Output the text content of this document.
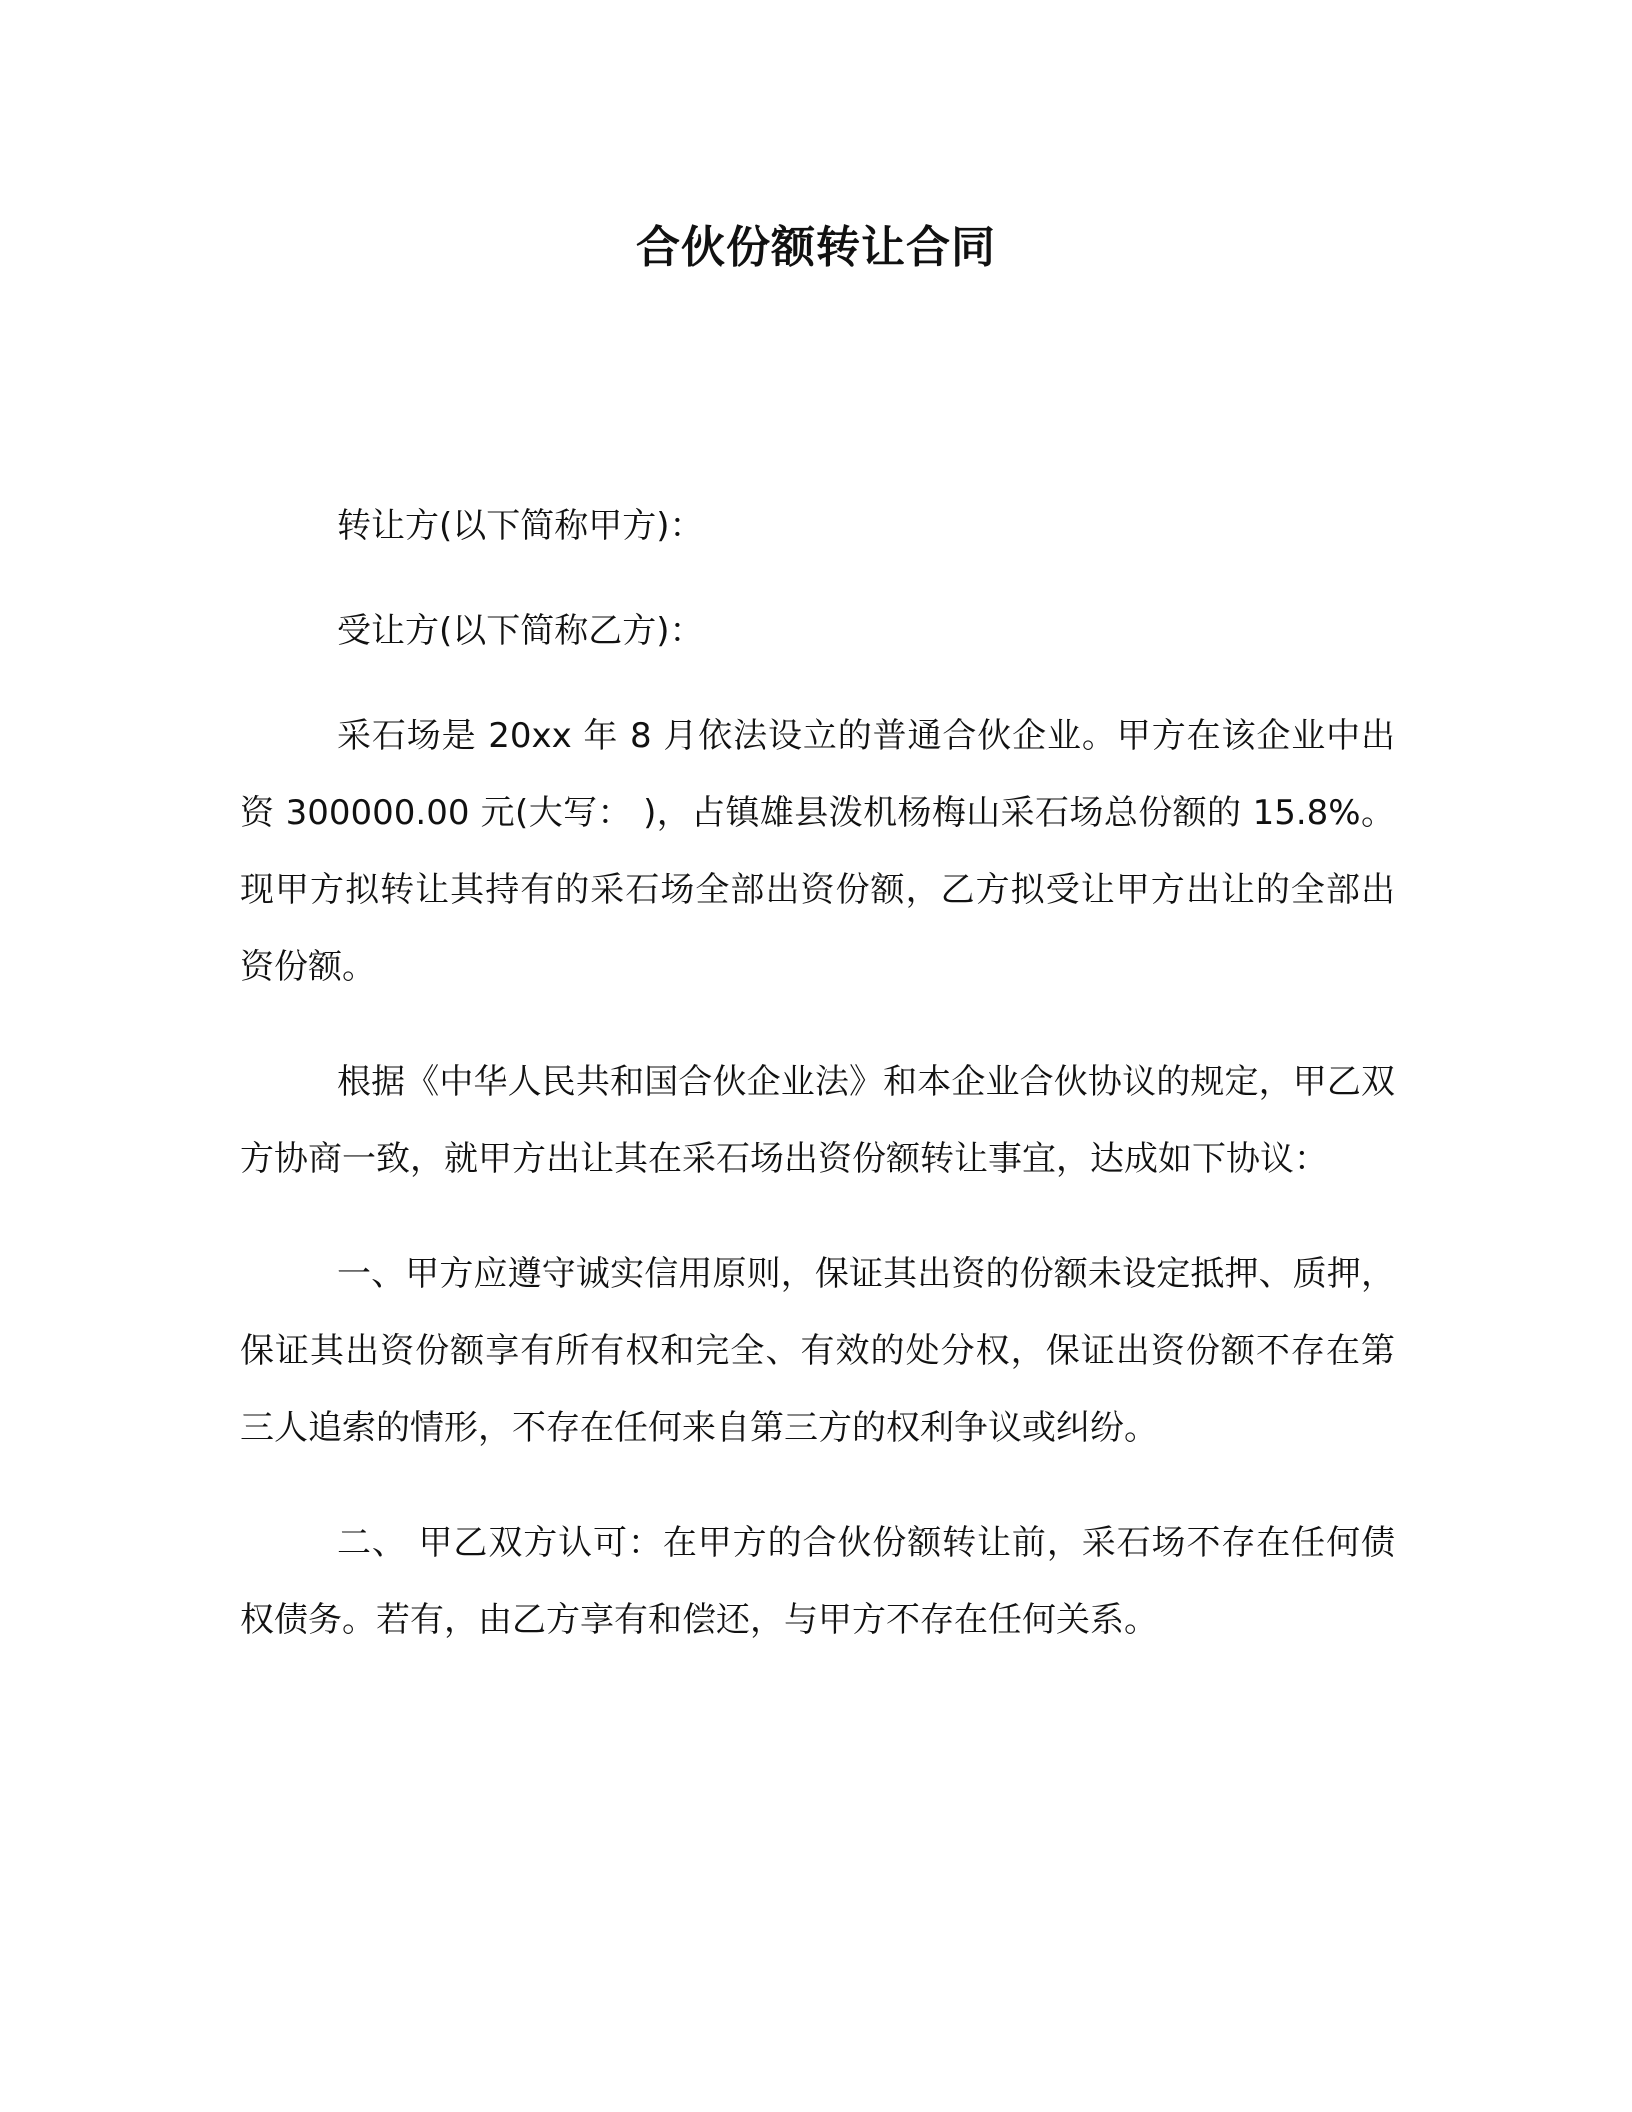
合伙份额转让合同

转让方(以下简称甲方)：

受让方(以下简称乙方)：

采石场是 20xx 年 8 月依法设立的普通合伙企业。甲方在该企业中出资 300000.00 元(大写： )，占镇雄县泼机杨梅山采石场总份额的 15.8%。现甲方拟转让其持有的采石场全部出资份额，乙方拟受让甲方出让的全部出资份额。

根据《中华人民共和国合伙企业法》和本企业合伙协议的规定，甲乙双方协商一致，就甲方出让其在采石场出资份额转让事宜，达成如下协议：

一、甲方应遵守诚实信用原则，保证其出资的份额未设定抵押、质押，保证其出资份额享有所有权和完全、有效的处分权，保证出资份额不存在第三人追索的情形，不存在任何来自第三方的权利争议或纠纷。

二、 甲乙双方认可：在甲方的合伙份额转让前，采石场不存在任何债权债务。若有，由乙方享有和偿还，与甲方不存在任何关系。
